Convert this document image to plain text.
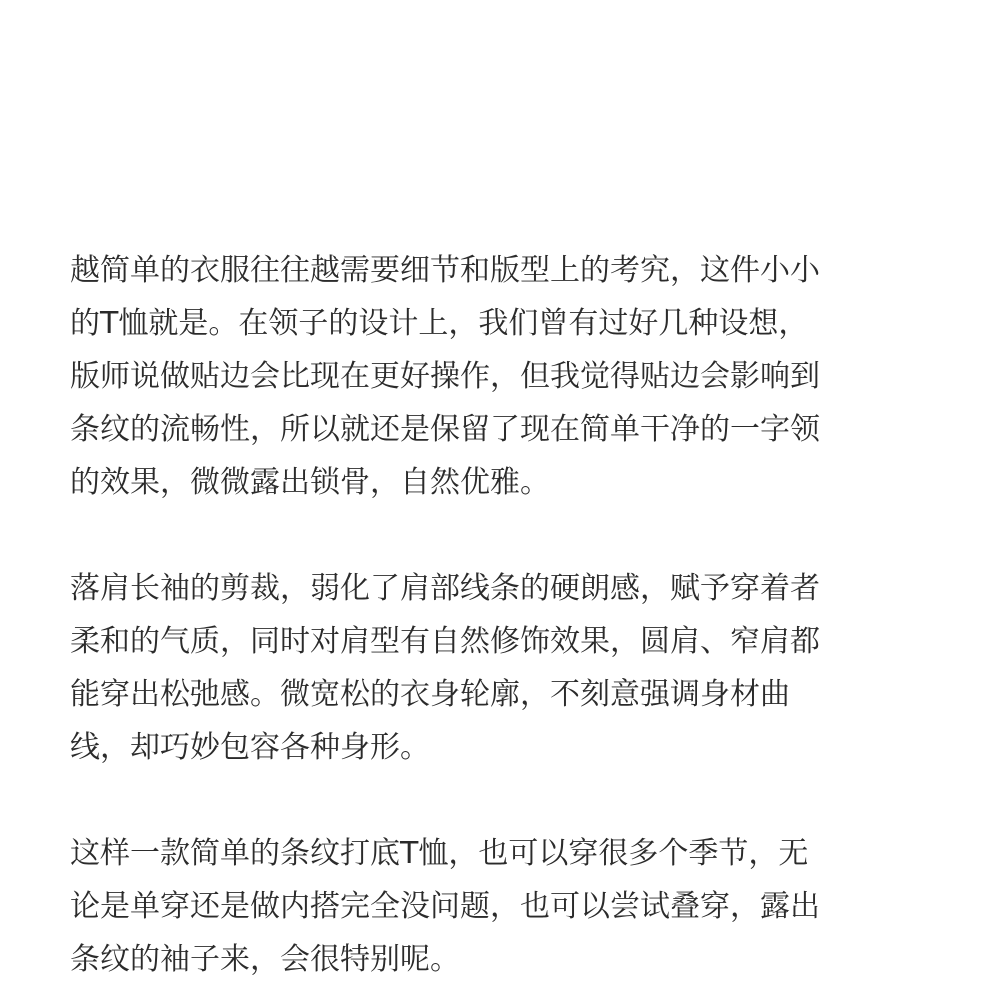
越简单的衣服往往越需要细节和版型上的考究，这件小小
的T恤就是。在领子的设计上，我们曾有过好几种设想，
版师说做贴边会比现在更好操作，但我觉得贴边会影响到
条纹的流畅性，所以就还是保留了现在简单干净的一字领
的效果，微微露出锁骨，自然优雅。

落肩长袖的剪裁，弱化了肩部线条的硬朗感，赋予穿着者
柔和的气质，同时对肩型有自然修饰效果，圆肩、窄肩都
能穿出松弛感。微宽松的衣身轮廓，不刻意强调身材曲
线，却巧妙包容各种身形。

这样一款简单的条纹打底T恤，也可以穿很多个季节，无
论是单穿还是做内搭完全没问题，也可以尝试叠穿，露出
条纹的袖子来，会很特别呢。
